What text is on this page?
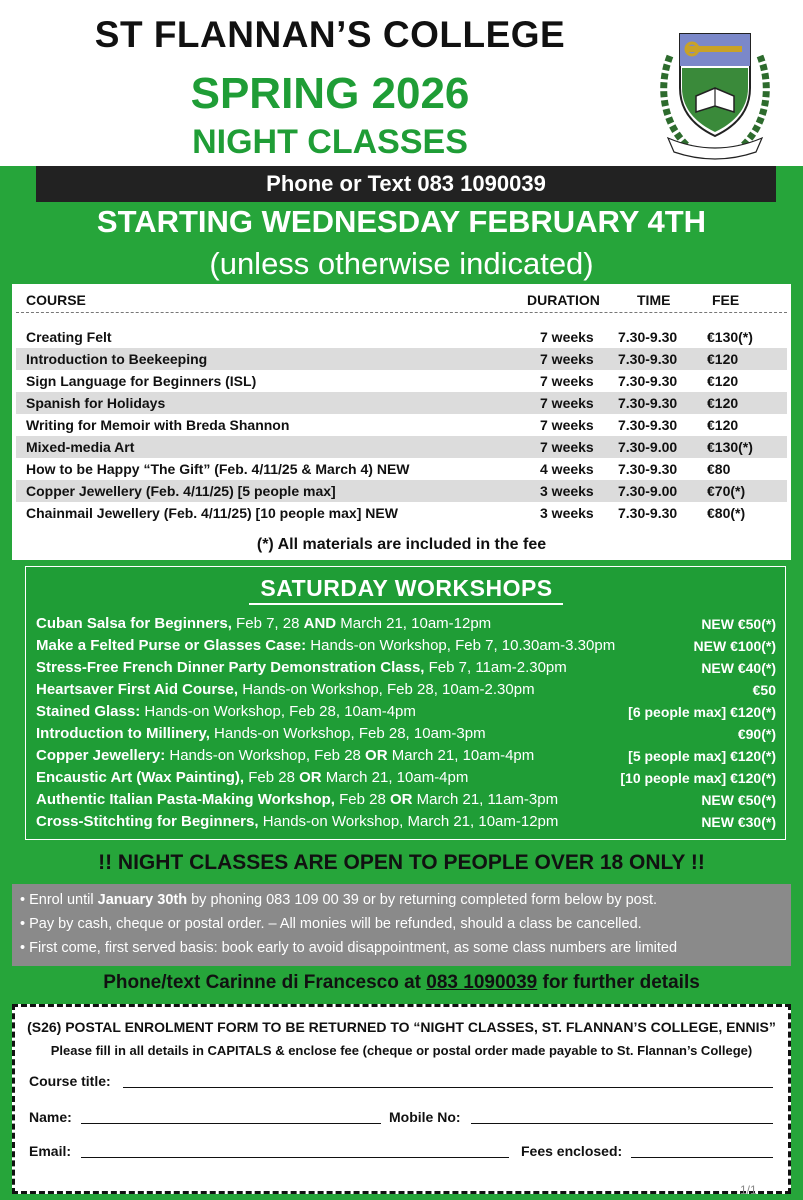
ST FLANNAN’S COLLEGE
SPRING 2026
NIGHT CLASSES
Phone or Text 083 1090039
STARTING WEDNESDAY FEBRUARY 4TH
(unless otherwise indicated)
COURSE	DURATION	TIME	FEE
Creating Felt	7 weeks 7.30-9.30 €130(*)
Introduction to Beekeeping	7 weeks 7.30-9.30 €120
Sign Language for Beginners (ISL)	7 weeks 7.30-9.30 €120
Spanish for Holidays	7 weeks 7.30-9.30 €120
Writing for Memoir with Breda Shannon	7 weeks 7.30-9.30 €120
Mixed-media Art	7 weeks 7.30-9.00 €130(*)
How to be Happy “The Gift” (Feb. 4/11/25 & March 4) NEW	4 weeks 7.30-9.30 €80
Copper Jewellery (Feb. 4/11/25) [5 people max]	3 weeks 7.30-9.00 €70(*)
Chainmail Jewellery (Feb. 4/11/25) [10 people max] NEW	3 weeks 7.30-9.30 €80(*)
(*) All materials are included in the fee
SATURDAY WORKSHOPS
Cuban Salsa for Beginners, Feb 7, 28 AND March 21, 10am-12pm	NEW €50(*)
Make a Felted Purse or Glasses Case: Hands-on Workshop, Feb 7, 10.30am-3.30pm	NEW €100(*)
Stress-Free French Dinner Party Demonstration Class, Feb 7, 11am-2.30pm	NEW €40(*)
Heartsaver First Aid Course, Hands-on Workshop, Feb 28, 10am-2.30pm	€50
Stained Glass: Hands-on Workshop, Feb 28, 10am-4pm	[6 people max] €120(*)
Introduction to Millinery, Hands-on Workshop, Feb 28, 10am-3pm	€90(*)
Copper Jewellery: Hands-on Workshop, Feb 28 OR March 21, 10am-4pm	[5 people max] €120(*)
Encaustic Art (Wax Painting), Feb 28 OR March 21, 10am-4pm	[10 people max] €120(*)
Authentic Italian Pasta-Making Workshop, Feb 28 OR March 21, 11am-3pm	NEW €50(*)
Cross-Stitchting for Beginners, Hands-on Workshop, March 21, 10am-12pm	NEW €30(*)
!! NIGHT CLASSES ARE OPEN TO PEOPLE OVER 18 ONLY !!
• Enrol until January 30th by phoning 083 109 00 39 or by returning completed form below by post.
• Pay by cash, cheque or postal order. – All monies will be refunded, should a class be cancelled.
• First come, first served basis: book early to avoid disappointment, as some class numbers are limited
Phone/text Carinne di Francesco at 083 1090039 for further details
(S26) POSTAL ENROLMENT FORM TO BE RETURNED TO “NIGHT CLASSES, ST. FLANNAN’S COLLEGE, ENNIS”
Please fill in all details in CAPITALS & enclose fee (cheque or postal order made payable to St. Flannan’s College)
Course title:
Name:	Mobile No:
Email:	Fees enclosed:
1/1
